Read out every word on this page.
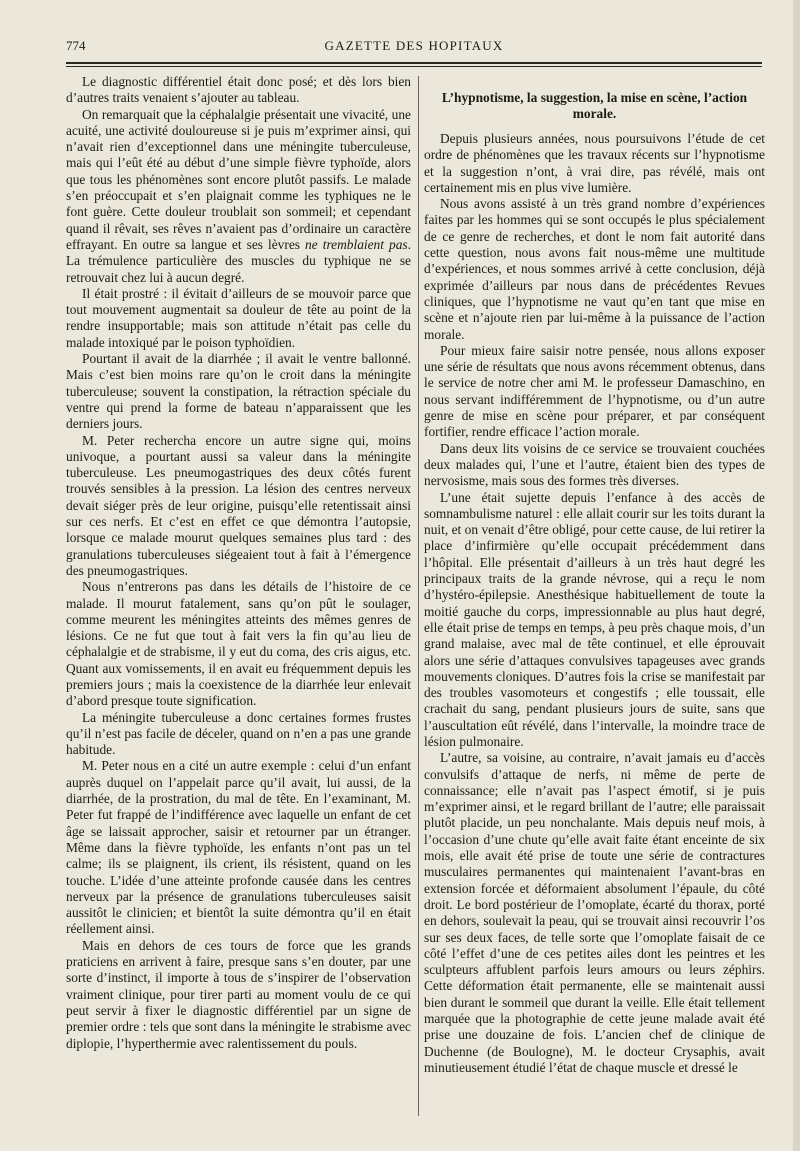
774	GAZETTE DES HOPITAUX

Le diagnostic différentiel était donc posé; et dès lors bien d’autres traits venaient s’ajouter au tableau.

On remarquait que la céphalalgie présentait une vivacité, une acuité, une activité douloureuse si je puis m’exprimer ainsi, qui n’avait rien d’exceptionnel dans une méningite tuberculeuse, mais qui l’eût été au début d’une simple fièvre typhoïde, alors que tous les phénomènes sont encore plutôt passifs. Le malade s’en préoccupait et s’en plaignait comme les typhiques ne le font guère. Cette douleur troublait son sommeil; et cependant quand il rêvait, ses rêves n’avaient pas d’ordinaire un caractère effrayant. En outre sa langue et ses lèvres ne tremblaient pas. La trémulence particulière des muscles du typhique ne se retrouvait chez lui à aucun degré.

Il était prostré : il évitait d’ailleurs de se mouvoir parce que tout mouvement augmentait sa douleur de tête au point de la rendre insupportable; mais son attitude n’était pas celle du malade intoxiqué par le poison typhoïdien.

Pourtant il avait de la diarrhée ; il avait le ventre ballonné. Mais c’est bien moins rare qu’on le croit dans la méningite tuberculeuse; souvent la constipation, la rétraction spéciale du ventre qui prend la forme de bateau n’apparaissent que les derniers jours.

M. Peter rechercha encore un autre signe qui, moins univoque, a pourtant aussi sa valeur dans la méningite tuberculeuse. Les pneumogastriques des deux côtés furent trouvés sensibles à la pression. La lésion des centres nerveux devait siéger près de leur origine, puisqu’elle retentissait ainsi sur ces nerfs. Et c’est en effet ce que démontra l’autopsie, lorsque ce malade mourut quelques semaines plus tard : des granulations tuberculeuses siégeaient tout à fait à l’émergence des pneumogastriques.

Nous n’entrerons pas dans les détails de l’histoire de ce malade. Il mourut fatalement, sans qu’on pût le soulager, comme meurent les méningites atteints des mêmes genres de lésions. Ce ne fut que tout à fait vers la fin qu’au lieu de céphalalgie et de strabisme, il y eut du coma, des cris aigus, etc. Quant aux vomissements, il en avait eu fréquemment depuis les premiers jours ; mais la coexistence de la diarrhée leur enlevait d’abord presque toute signification.

La méningite tuberculeuse a donc certaines formes frustes qu’il n’est pas facile de déceler, quand on n’en a pas une grande habitude.

M. Peter nous en a cité un autre exemple : celui d’un enfant auprès duquel on l’appelait parce qu’il avait, lui aussi, de la diarrhée, de la prostration, du mal de tête. En l’examinant, M. Peter fut frappé de l’indifférence avec laquelle un enfant de cet âge se laissait approcher, saisir et retourner par un étranger. Même dans la fièvre typhoïde, les enfants n’ont pas un tel calme; ils se plaignent, ils crient, ils résistent, quand on les touche. L’idée d’une atteinte profonde causée dans les centres nerveux par la présence de granulations tuberculeuses saisit aussitôt le clinicien; et bientôt la suite démontra qu’il en était réellement ainsi.

Mais en dehors de ces tours de force que les grands praticiens en arrivent à faire, presque sans s’en douter, par une sorte d’instinct, il importe à tous de s’inspirer de l’observation vraiment clinique, pour tirer parti au moment voulu de ce qui peut servir à fixer le diagnostic différentiel par un signe de premier ordre : tels que sont dans la méningite le strabisme avec diplopie, l’hyperthermie avec ralentissement du pouls.

L’hypnotisme, la suggestion, la mise en scène, l’action morale.

Depuis plusieurs années, nous poursuivons l’étude de cet ordre de phénomènes que les travaux récents sur l’hypnotisme et la suggestion n’ont, à vrai dire, pas révélé, mais ont certainement mis en plus vive lumière.

Nous avons assisté à un très grand nombre d’expériences faites par les hommes qui se sont occupés le plus spécialement de ce genre de recherches, et dont le nom fait autorité dans cette question, nous avons fait nous-même une multitude d’expériences, et nous sommes arrivé à cette conclusion, déjà exprimée d’ailleurs par nous dans de précédentes Revues cliniques, que l’hypnotisme ne vaut qu’en tant que mise en scène et n’ajoute rien par lui-même à la puissance de l’action morale.

Pour mieux faire saisir notre pensée, nous allons exposer une série de résultats que nous avons récemment obtenus, dans le service de notre cher ami M. le professeur Damaschino, en nous servant indifféremment de l’hypnotisme, ou d’un autre genre de mise en scène pour préparer, et par conséquent fortifier, rendre efficace l’action morale.

Dans deux lits voisins de ce service se trouvaient couchées deux malades qui, l’une et l’autre, étaient bien des types de nervosisme, mais sous des formes très diverses.

L’une était sujette depuis l’enfance à des accès de somnambulisme naturel : elle allait courir sur les toits durant la nuit, et on venait d’être obligé, pour cette cause, de lui retirer la place d’infirmière qu’elle occupait précédemment dans l’hôpital. Elle présentait d’ailleurs à un très haut degré les principaux traits de la grande névrose, qui a reçu le nom d’hystéro-épilepsie. Anesthésique habituellement de toute la moitié gauche du corps, impressionnable au plus haut degré, elle était prise de temps en temps, à peu près chaque mois, d’un grand malaise, avec mal de tête continuel, et elle éprouvait alors une série d’attaques convulsives tapageuses avec grands mouvements cloniques. D’autres fois la crise se manifestait par des troubles vasomoteurs et congestifs ; elle toussait, elle crachait du sang, pendant plusieurs jours de suite, sans que l’auscultation eût révélé, dans l’intervalle, la moindre trace de lésion pulmonaire.

L’autre, sa voisine, au contraire, n’avait jamais eu d’accès convulsifs d’attaque de nerfs, ni même de perte de connaissance; elle n’avait pas l’aspect émotif, si je puis m’exprimer ainsi, et le regard brillant de l’autre; elle paraissait plutôt placide, un peu nonchalante. Mais depuis neuf mois, à l’occasion d’une chute qu’elle avait faite étant enceinte de six mois, elle avait été prise de toute une série de contractures musculaires permanentes qui maintenaient l’avant-bras en extension forcée et déformaient absolument l’épaule, du côté droit. Le bord postérieur de l’omoplate, écarté du thorax, porté en dehors, soulevait la peau, qui se trouvait ainsi recouvrir l’os sur ses deux faces, de telle sorte que l’omoplate faisait de ce côté l’effet d’une de ces petites ailes dont les peintres et les sculpteurs affublent parfois leurs amours ou leurs zéphirs. Cette déformation était permanente, elle se maintenait aussi bien durant le sommeil que durant la veille. Elle était tellement marquée que la photographie de cette jeune malade avait été prise une douzaine de fois. L’ancien chef de clinique de Duchenne (de Boulogne), M. le docteur Crysaphis, avait minutieusement étudié l’état de chaque muscle et dressé le
